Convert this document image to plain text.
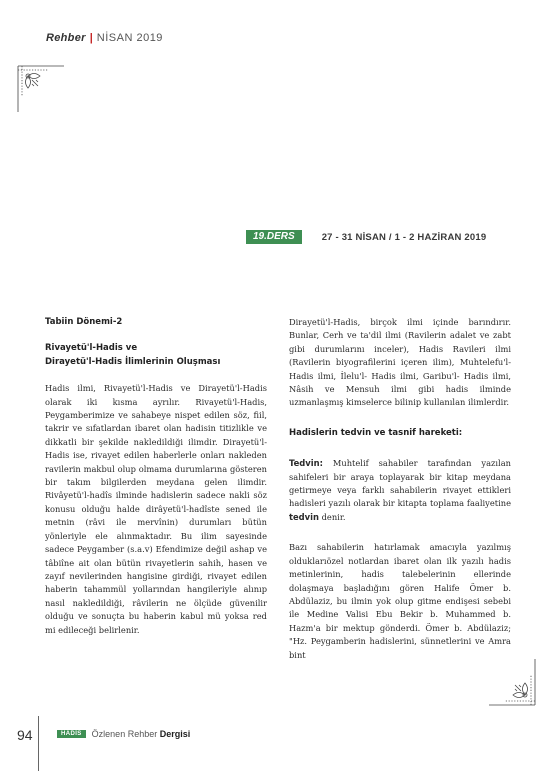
Rehber | NİSAN 2019
19.DERS	27 - 31 NİSAN / 1 - 2 HAZİRAN 2019

Tabiin Dönemi-2

Rivayetü'l-Hadis ve

Dirayetü'l-Hadis İlimlerinin Oluşması

Hadis ilmi, Rivayetü'l-Hadis ve Dirayetü'l-Hadis olarak iki kısma ayrılır. Rivayetü'l-Hadis, Peygamberimize ve sahabeye nispet edilen söz, fiil, takrir ve sıfatlardan ibaret olan hadisin titizlikle ve dikkatli bir şekilde nakledildiği ilimdir. Dirayetü'l-Hadis ise, rivayet edilen haberlerle onları nakleden ravilerin makbul olup olmama durumlarına gösteren bir takım bilgilerden meydana gelen ilimdir. Rivâyetü'l-hadîs ilminde hadislerin sadece nakli söz konusu olduğu halde dirâyetü'l-hadîste sened ile metnin (râvi ile mervînin) durumları bütün yönleriyle ele alınmaktadır. Bu ilim sayesinde sadece Peygamber (s.a.v) Efendimize değil ashap ve tâbiîne ait olan bütün rivayetlerin sahih, hasen ve zayıf nevilerinden hangisine girdiği, rivayet edilen haberin tahammül yollarından hangileriyle alınıp nasıl nakledildiği, râvilerin ne ölçüde güvenilir olduğu ve sonuçta bu haberin kabul mü yoksa red mi edileceği belirlenir.

Dirayetü'l-Hadis, birçok ilmi içinde barındırır. Bunlar, Cerh ve ta'dil ilmi (Ravilerin adalet ve zabt gibi durumlarını inceler), Hadis Ravileri ilmi (Ravilerin biyografilerini içeren ilim), Muhtelefu'l- Hadis ilmi, İlelu'l- Hadis ilmi, Garibu'l- Hadis ilmi, Nâsih ve Mensuh ilmi gibi hadis ilminde uzmanlaşmış kimselerce bilinip kullanılan ilimlerdir.

Hadislerin tedvin ve tasnif hareketi:

Tedvin: Muhtelif sahabiler tarafından yazılan sahifeleri bir araya toplayarak bir kitap meydana getirmeye veya farklı sahabilerin rivayet ettikleri hadisleri yazılı olarak bir kitapta toplama faaliyetine tedvin denir.

Bazı sahabilerin hatırlamak amacıyla yazılmış olduklarıözel notlardan ibaret olan ilk yazılı hadis metinlerinin, hadis talebelerinin ellerinde dolaşmaya başladığını gören Halife Ömer b. Abdülaziz, bu ilmin yok olup gitme endişesi sebebi ile Medine Valisi Ebu Bekir b. Muhammed b. Hazm'a bir mektup gönderdi. Ömer b. Abdülaziz; "Hz. Peygamberin hadislerini, sünnetlerini ve Amra bint

94	HADİS	Özlenen Rehber Dergisi
